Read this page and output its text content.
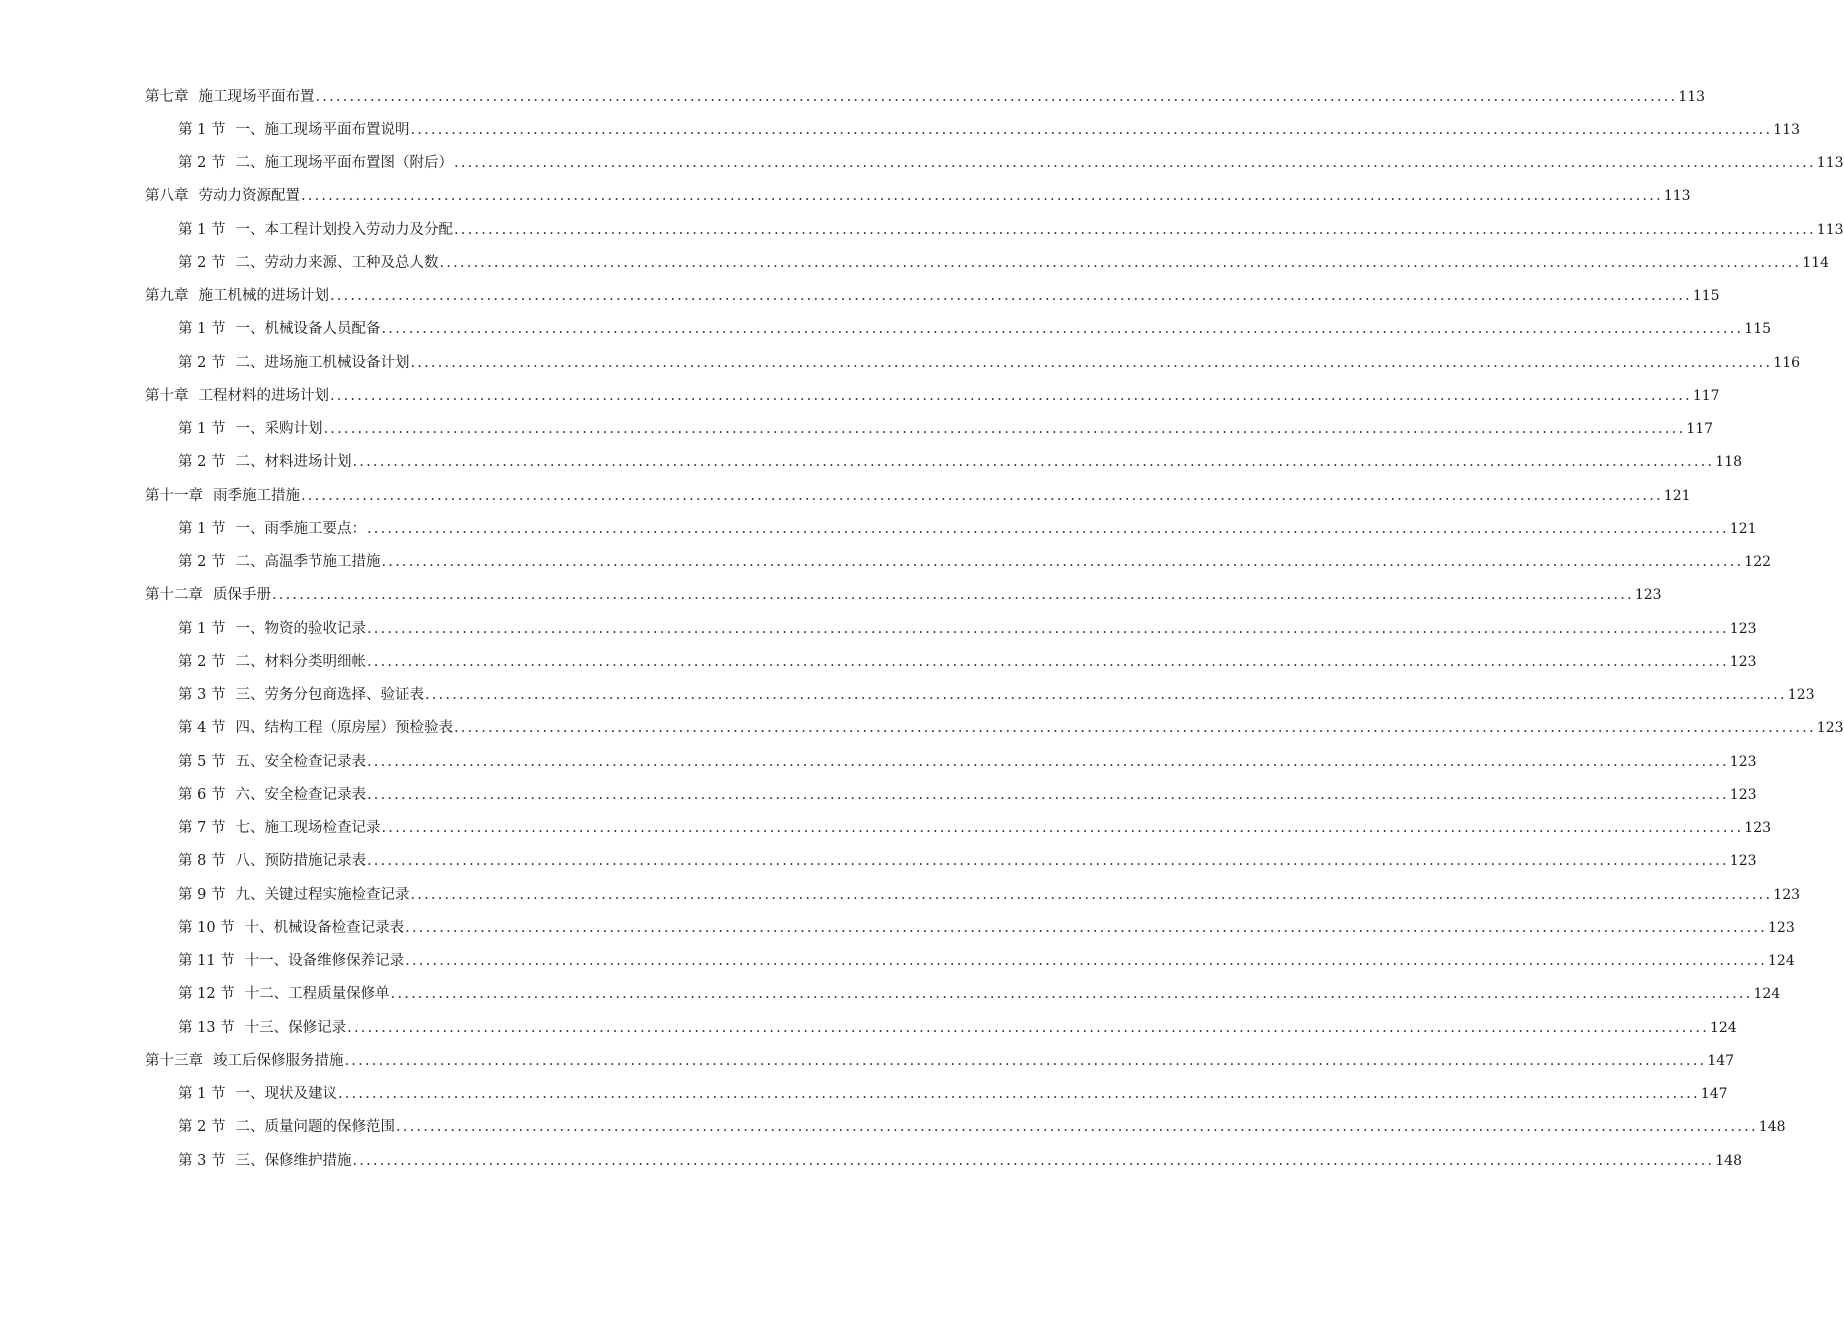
第七章 施工现场平面布置 ........................................................................................................................................................................................................ 113
第 1 节 一、施工现场平面布置说明 ........................................................................................................................................................................................................ 113
第 2 节 二、施工现场平面布置图（附后） ........................................................................................................................................................................................................ 113
第八章 劳动力资源配置 ........................................................................................................................................................................................................ 113
第 1 节 一、本工程计划投入劳动力及分配 ........................................................................................................................................................................................................ 113
第 2 节 二、劳动力来源、工种及总人数 ........................................................................................................................................................................................................ 114
第九章 施工机械的进场计划 ........................................................................................................................................................................................................ 115
第 1 节 一、机械设备人员配备 ........................................................................................................................................................................................................ 115
第 2 节 二、进场施工机械设备计划 ........................................................................................................................................................................................................ 116
第十章 工程材料的进场计划 ........................................................................................................................................................................................................ 117
第 1 节 一、采购计划 ........................................................................................................................................................................................................ 117
第 2 节 二、材料进场计划 ........................................................................................................................................................................................................ 118
第十一章 雨季施工措施 ........................................................................................................................................................................................................ 121
第 1 节 一、雨季施工要点： ........................................................................................................................................................................................................ 121
第 2 节 二、高温季节施工措施 ........................................................................................................................................................................................................ 122
第十二章 质保手册 ........................................................................................................................................................................................................ 123
第 1 节 一、物资的验收记录 ........................................................................................................................................................................................................ 123
第 2 节 二、材料分类明细帐 ........................................................................................................................................................................................................ 123
第 3 节 三、劳务分包商选择、验证表 ........................................................................................................................................................................................................ 123
第 4 节 四、结构工程（原房屋）预检验表 ........................................................................................................................................................................................................ 123
第 5 节 五、安全检查记录表 ........................................................................................................................................................................................................ 123
第 6 节 六、安全检查记录表 ........................................................................................................................................................................................................ 123
第 7 节 七、施工现场检查记录 ........................................................................................................................................................................................................ 123
第 8 节 八、预防措施记录表 ........................................................................................................................................................................................................ 123
第 9 节 九、关键过程实施检查记录 ........................................................................................................................................................................................................ 123
第 10 节 十、机械设备检查记录表 ........................................................................................................................................................................................................ 123
第 11 节 十一、设备维修保养记录 ........................................................................................................................................................................................................ 124
第 12 节 十二、工程质量保修单 ........................................................................................................................................................................................................ 124
第 13 节 十三、保修记录 ........................................................................................................................................................................................................ 124
第十三章 竣工后保修服务措施 ........................................................................................................................................................................................................ 147
第 1 节 一、现状及建议 ........................................................................................................................................................................................................ 147
第 2 节 二、质量问题的保修范围 ........................................................................................................................................................................................................ 148
第 3 节 三、保修维护措施 ........................................................................................................................................................................................................ 148
